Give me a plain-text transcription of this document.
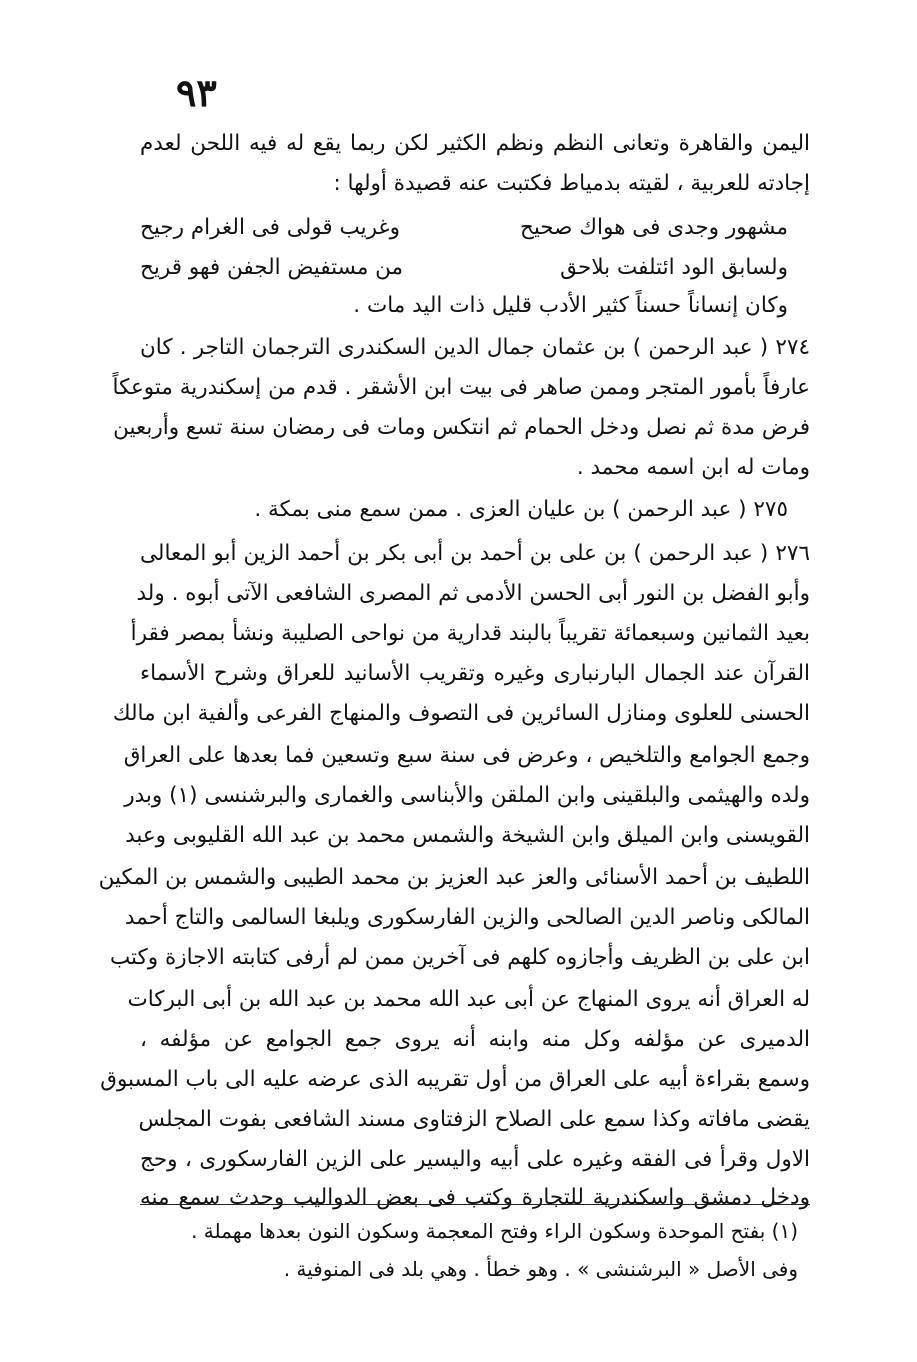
٩٣
اليمن والقاهرة وتعانى النظم ونظم الكثير لكن ربما يقع له فيه اللحن لعدم
إجادته للعربية ، لقيته بدمياط فكتبت عنه قصيدة أولها :
مشهور وجدى فى هواك صحيح
وغريب قولى فى الغرام رجيح
ولسابق الود ائتلفت بلاحق
من مستفيض الجفن فهو قريح
وكان إنساناً حسناً كثير الأدب قليل ذات اليد مات .
٢٧٤ ( عبد الرحمن ) بن عثمان جمال الدين السكندرى الترجمان التاجر . كان
عارفاً بأمور المتجر وممن صاهر فى بيت ابن الأشقر . قدم من إسكندرية متوعكاً
فرض مدة ثم نصل ودخل الحمام ثم انتكس ومات فى رمضان سنة تسع وأربعين
ومات له ابن اسمه محمد .
٢٧٥ ( عبد الرحمن ) بن عليان العزى . ممن سمع منى بمكة .
٢٧٦ ( عبد الرحمن ) بن على بن أحمد بن أبى بكر بن أحمد الزين أبو المعالى
وأبو الفضل بن النور أبى الحسن الأدمى ثم المصرى الشافعى الآتى أبوه . ولد
بعيد الثمانين وسبعمائة تقريباً بالبند قدارية من نواحى الصليبة ونشأ بمصر فقرأ
القرآن عند الجمال البارنبارى وغيره وتقريب الأسانيد للعراق وشرح الأسماء
الحسنى للعلوى ومنازل السائرين فى التصوف والمنهاج الفرعى وألفية ابن مالك
وجمع الجوامع والتلخيص ، وعرض فى سنة سبع وتسعين فما بعدها على العراق
ولده والهيثمى والبلقينى وابن الملقن والأبناسى والغمارى والبرشنسى (١) وبدر
القويسنى وابن الميلق وابن الشيخة والشمس محمد بن عبد الله القليوبى وعبد
اللطيف بن أحمد الأسنائى والعز عبد العزيز بن محمد الطيبى والشمس بن المكين
المالكى وناصر الدين الصالحى والزين الفارسكورى ويلبغا السالمى والتاج أحمد
ابن على بن الظريف وأجازوه كلهم فى آخرين ممن لم أرفى كتابته الاجازة وكتب
له العراق أنه يروى المنهاج عن أبى عبد الله محمد بن عبد الله بن أبى البركات
الدميرى عن مؤلفه وكل منه وابنه أنه يروى جمع الجوامع عن مؤلفه ،
وسمع بقراءة أبيه على العراق من أول تقريبه الذى عرضه عليه الى باب المسبوق
يقضى مافاته وكذا سمع على الصلاح الزفتاوى مسند الشافعى بفوت المجلس
الاول وقرأ فى الفقه وغيره على أبيه واليسير على الزين الفارسكورى ، وحج
ودخل دمشق واسكندرية للتجارة وكتب فى بعض الدواليب وحدث سمع منه
(١) بفتح الموحدة وسكون الراء وفتح المعجمة وسكون النون بعدها مهملة .
وفى الأصل « البرشنشى » . وهو خطأ . وهي بلد فى المنوفية .
